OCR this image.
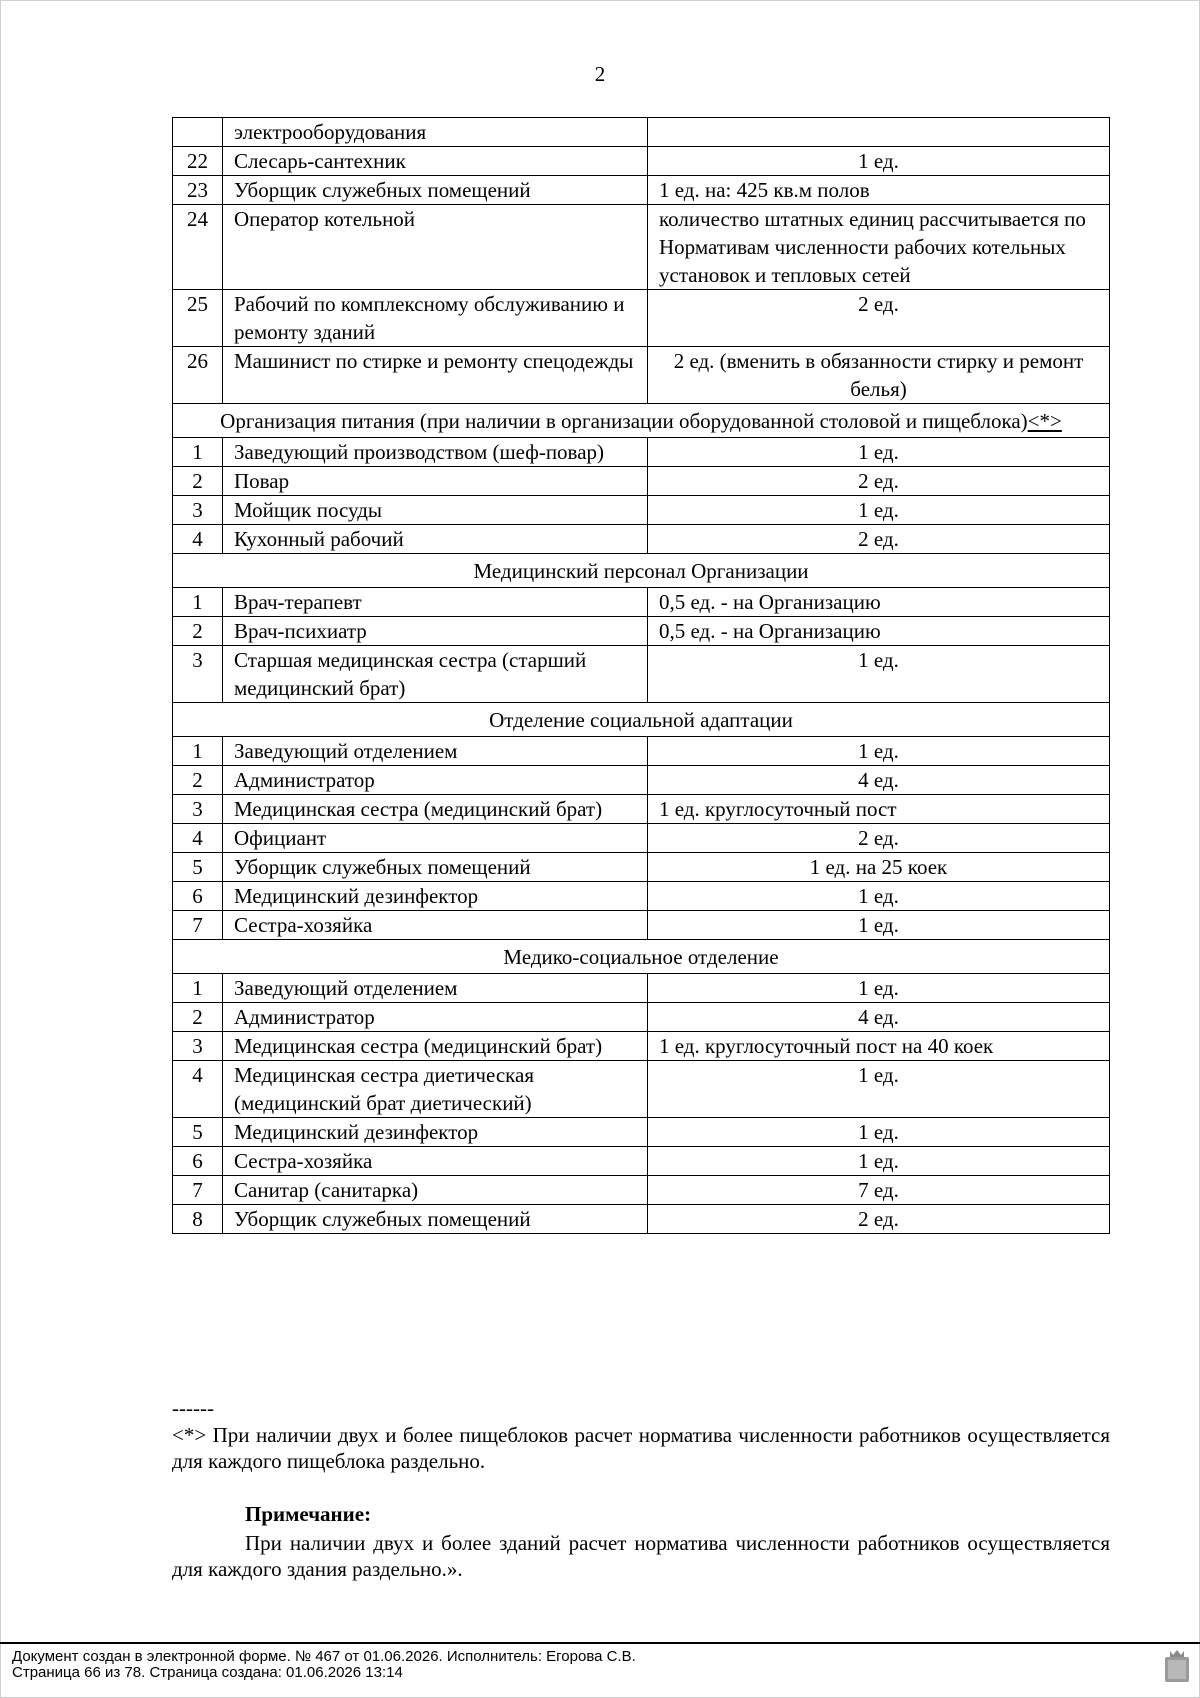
2
	электрооборудования	
22	Слесарь-сантехник	1 ед.
23	Уборщик служебных помещений	1 ед. на: 425 кв.м полов
24	Оператор котельной	количество штатных единиц рассчитывается по Нормативам численности рабочих котельных установок и тепловых сетей
25	Рабочий по комплексному обслуживанию и ремонту зданий	2 ед.
26	Машинист по стирке и ремонту спецодежды	2 ед. (вменить в обязанности стирку и ремонт белья)
Организация питания (при наличии в организации оборудованной столовой и пищеблока)<*>		
1	Заведующий производством (шеф-повар)	1 ед.
2	Повар	2 ед.
3	Мойщик посуды	1 ед.
4	Кухонный рабочий	2 ед.
Медицинский персонал Организации		
1	Врач-терапевт	0,5 ед. - на Организацию
2	Врач-психиатр	0,5 ед. - на Организацию
3	Старшая медицинская сестра (старший медицинский брат)	1 ед.
Отделение социальной адаптации		
1	Заведующий отделением	1 ед.
2	Администратор	4 ед.
3	Медицинская сестра (медицинский брат)	1 ед. круглосуточный пост
4	Официант	2 ед.
5	Уборщик служебных помещений	1 ед. на 25 коек
6	Медицинский дезинфектор	1 ед.
7	Сестра-хозяйка	1 ед.
Медико-социальное отделение		
1	Заведующий отделением	1 ед.
2	Администратор	4 ед.
3	Медицинская сестра (медицинский брат)	1 ед. круглосуточный пост на 40 коек
4	Медицинская сестра диетическая (медицинский брат диетический)	1 ед.
5	Медицинский дезинфектор	1 ед.
6	Сестра-хозяйка	1 ед.
7	Санитар (санитарка)	7 ед.
8	Уборщик служебных помещений	2 ед.
------
<*> При наличии двух и более пищеблоков расчет норматива численности работников осуществляется для каждого пищеблока раздельно.
Примечание:
При наличии двух и более зданий расчет норматива численности работников осуществляется для каждого здания раздельно.».
Документ создан в электронной форме. № 467 от 01.06.2026. Исполнитель: Егорова С.В.
Страница 66 из 78. Страница создана: 01.06.2026 13:14
